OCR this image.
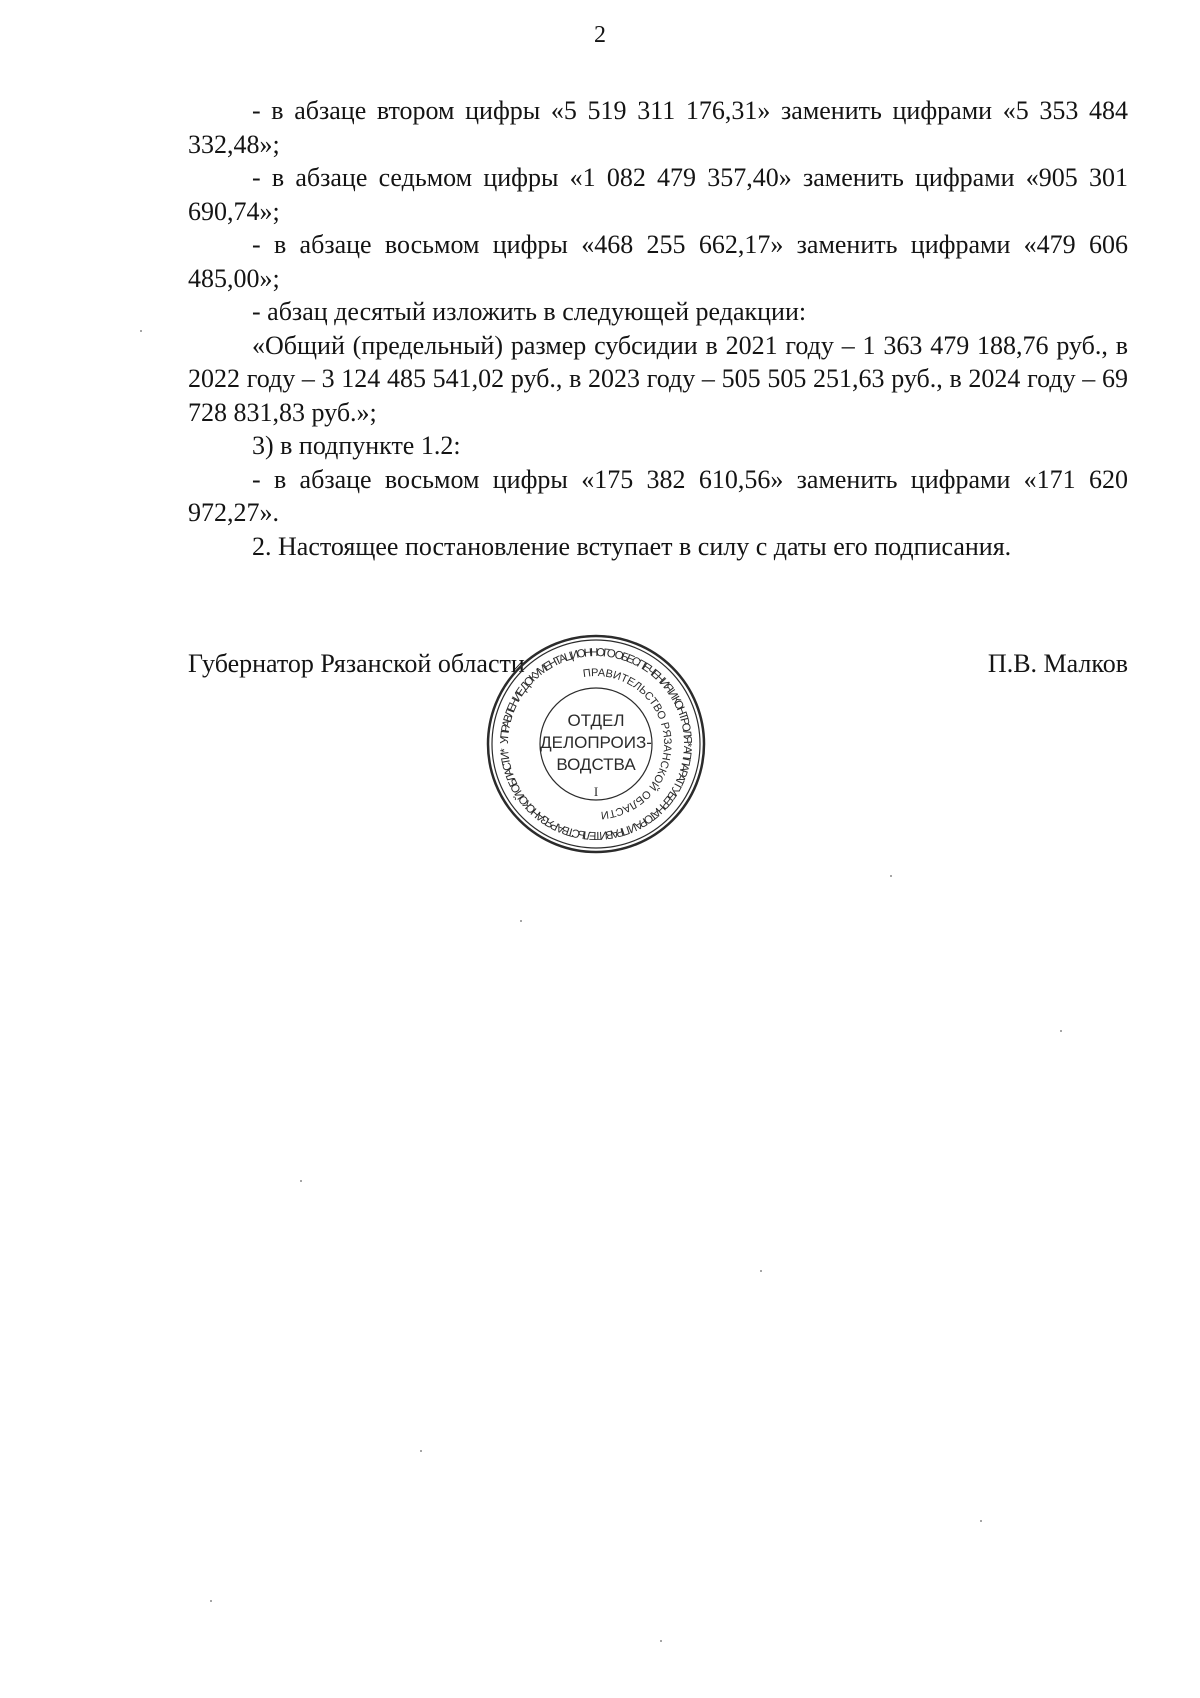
2

- в абзаце втором цифры «5 519 311 176,31» заменить цифрами «5 353 484 332,48»;

- в абзаце седьмом цифры «1 082 479 357,40» заменить цифрами «905 301 690,74»;

- в абзаце восьмом цифры «468 255 662,17» заменить цифрами «479 606 485,00»;

- абзац десятый изложить в следующей редакции:

«Общий (предельный) размер субсидии в 2021 году – 1 363 479 188,76 руб., в 2022 году – 3 124 485 541,02 руб., в 2023 году – 505 505 251,63 руб., в 2024 году – 69 728 831,83 руб.»;

3) в подпункте 1.2:

- в абзаце восьмом цифры «175 382 610,56» заменить цифрами «171 620 972,27».

2. Настоящее постановление вступает в силу с даты его подписания.

Губернатор Рязанской области	П.В. Малков
УПРАВЛЕНИЕ ДОКУМЕНТАЦИОННОГО ОБЕСПЕЧЕНИЯ И КОНТРОЛЯ * АППАРАТ ГУБЕРНАТОРА И ПРАВИТЕЛЬСТВА РЯЗАНСКОЙ ОБЛАСТИ *
ПРАВИТЕЛЬСТВО РЯЗАНСКОЙ ОБЛАСТИ
ОТДЕЛ
ДЕЛОПРОИЗ-
ВОДСТВА
I
